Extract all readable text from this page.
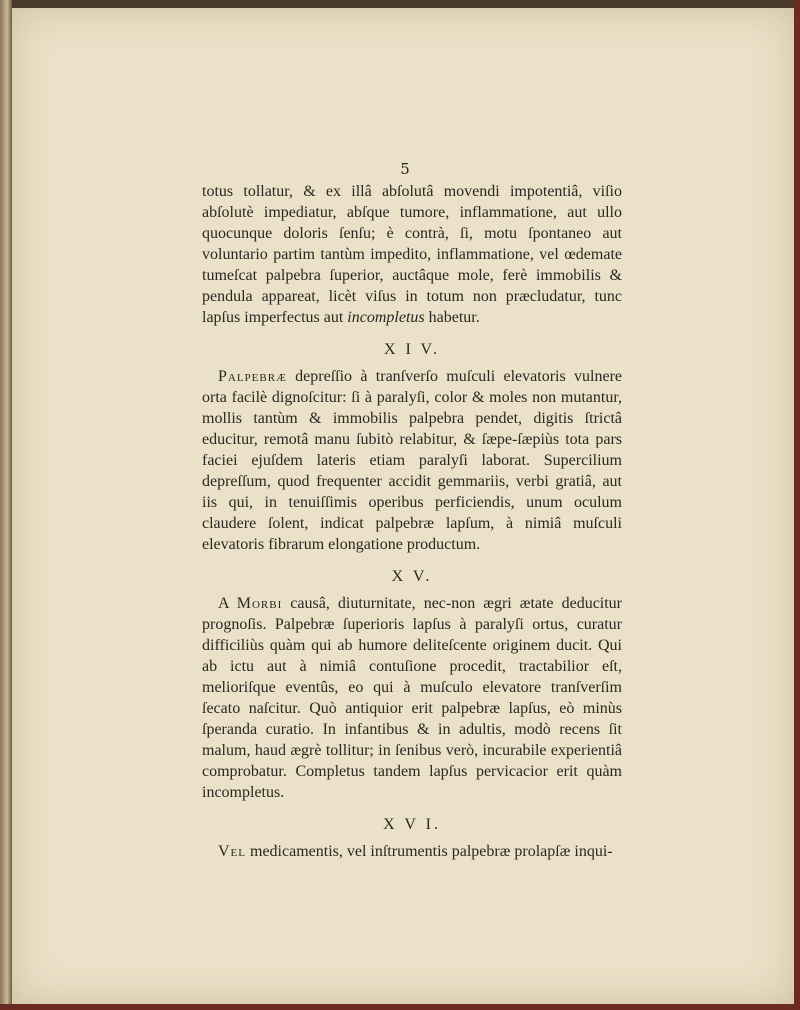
5

totus tollatur, & ex illâ abſolutâ movendi impotentiâ, viſio abſolutè impediatur, abſque tumore, inflammatione, aut ullo quocunque doloris ſenſu; è contrà, ſi, motu ſpontaneo aut voluntario partim tantùm impedito, inflammatione, vel œdemate tumeſcat palpebra ſuperior, auctâque mole, ferè immobilis & pendula appareat, licèt viſus in totum non præcludatur, tunc lapſus imperfectus aut incompletus habetur.

X I V.

Palpebræ depreſſio à tranſverſo muſculi elevatoris vulnere orta facilè dignoſcitur: ſi à paralyſi, color & moles non mutantur, mollis tantùm & immobilis palpebra pendet, digitis ſtrictâ educitur, remotâ manu ſubitò relabitur, & ſæpe-ſæpiùs tota pars faciei ejuſdem lateris etiam paralyſi laborat. Supercilium depreſſum, quod frequenter accidit gemmariis, verbi gratiâ, aut iis qui, in tenuiſſimis operibus perficiendis, unum oculum claudere ſolent, indicat palpebræ lapſum, à nimiâ muſculi elevatoris fibrarum elongatione productum.

X V.

A Morbi causâ, diuturnitate, nec-non ægri ætate deducitur prognoſis. Palpebræ ſuperioris lapſus à paralyſi ortus, curatur difficiliùs quàm qui ab humore deliteſcente originem ducit. Qui ab ictu aut à nimiâ contuſione procedit, tractabilior eſt, melioriſque eventûs, eo qui à muſculo elevatore tranſverſim ſecato naſcitur. Quò antiquior erit palpebræ lapſus, eò minùs ſperanda curatio. In infantibus & in adultis, modò recens ſit malum, haud ægrè tollitur; in ſenibus verò, incurabile experientiâ comprobatur. Completus tandem lapſus pervicacior erit quàm incompletus.

X V I.

Vel medicamentis, vel inſtrumentis palpebræ prolapſæ inqui-
